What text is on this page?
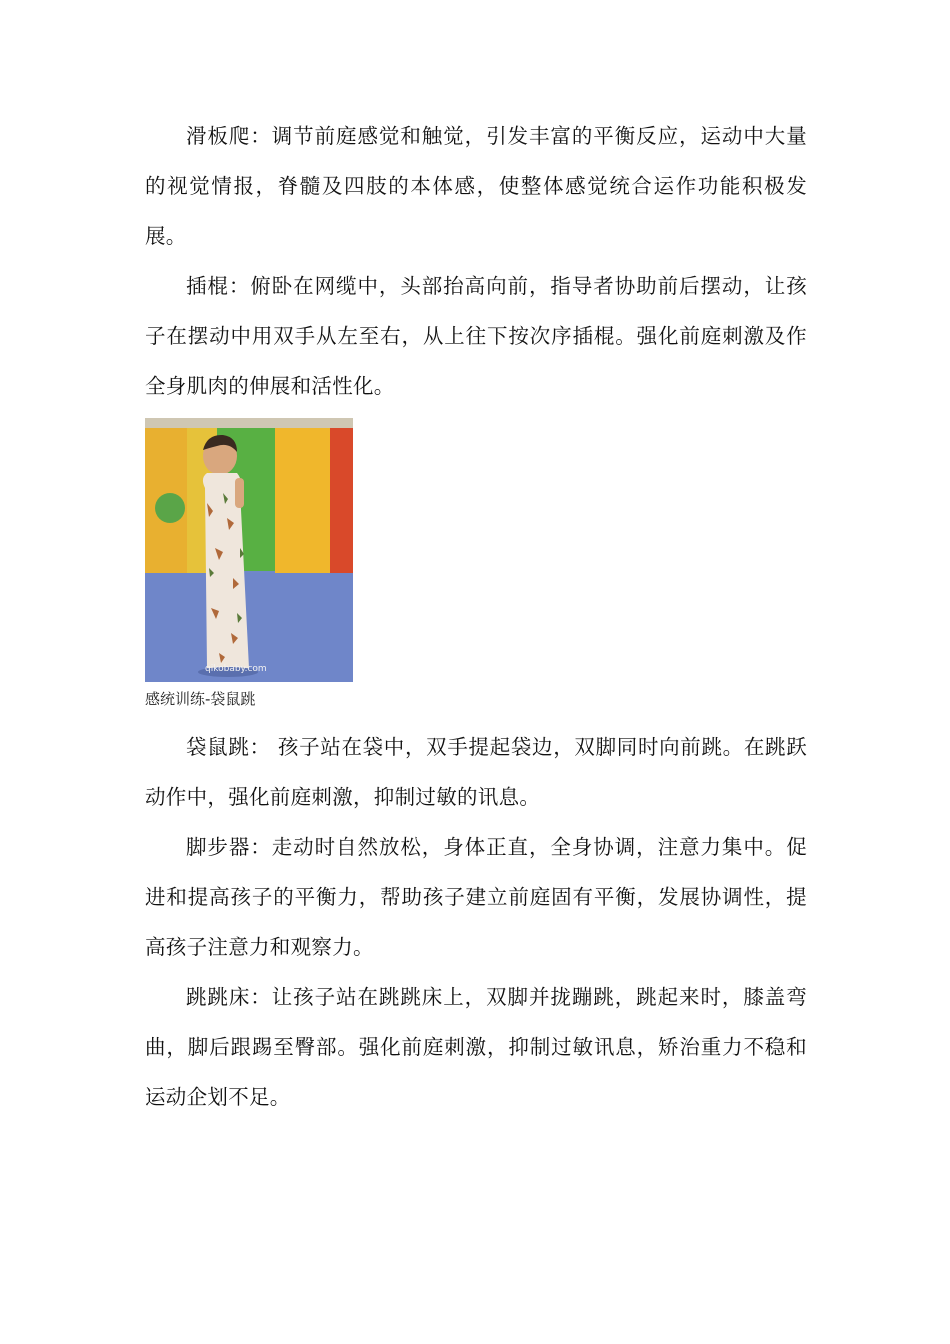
滑板爬：调节前庭感觉和触觉，引发丰富的平衡反应，运动中大量的视觉情报，脊髓及四肢的本体感，使整体感觉统合运作功能积极发展。

插棍：俯卧在网缆中，头部抬高向前，指导者协助前后摆动，让孩子在摆动中用双手从左至右，从上往下按次序插棍。强化前庭刺激及作全身肌肉的伸展和活性化。

qikobaby.com

感统训练-袋鼠跳

袋鼠跳： 孩子站在袋中，双手提起袋边，双脚同时向前跳。在跳跃动作中，强化前庭刺激，抑制过敏的讯息。

脚步器：走动时自然放松，身体正直，全身协调，注意力集中。促进和提高孩子的平衡力，帮助孩子建立前庭固有平衡，发展协调性，提高孩子注意力和观察力。

跳跳床：让孩子站在跳跳床上，双脚并拢蹦跳，跳起来时，膝盖弯曲，脚后跟踢至臀部。强化前庭刺激，抑制过敏讯息，矫治重力不稳和运动企划不足。
